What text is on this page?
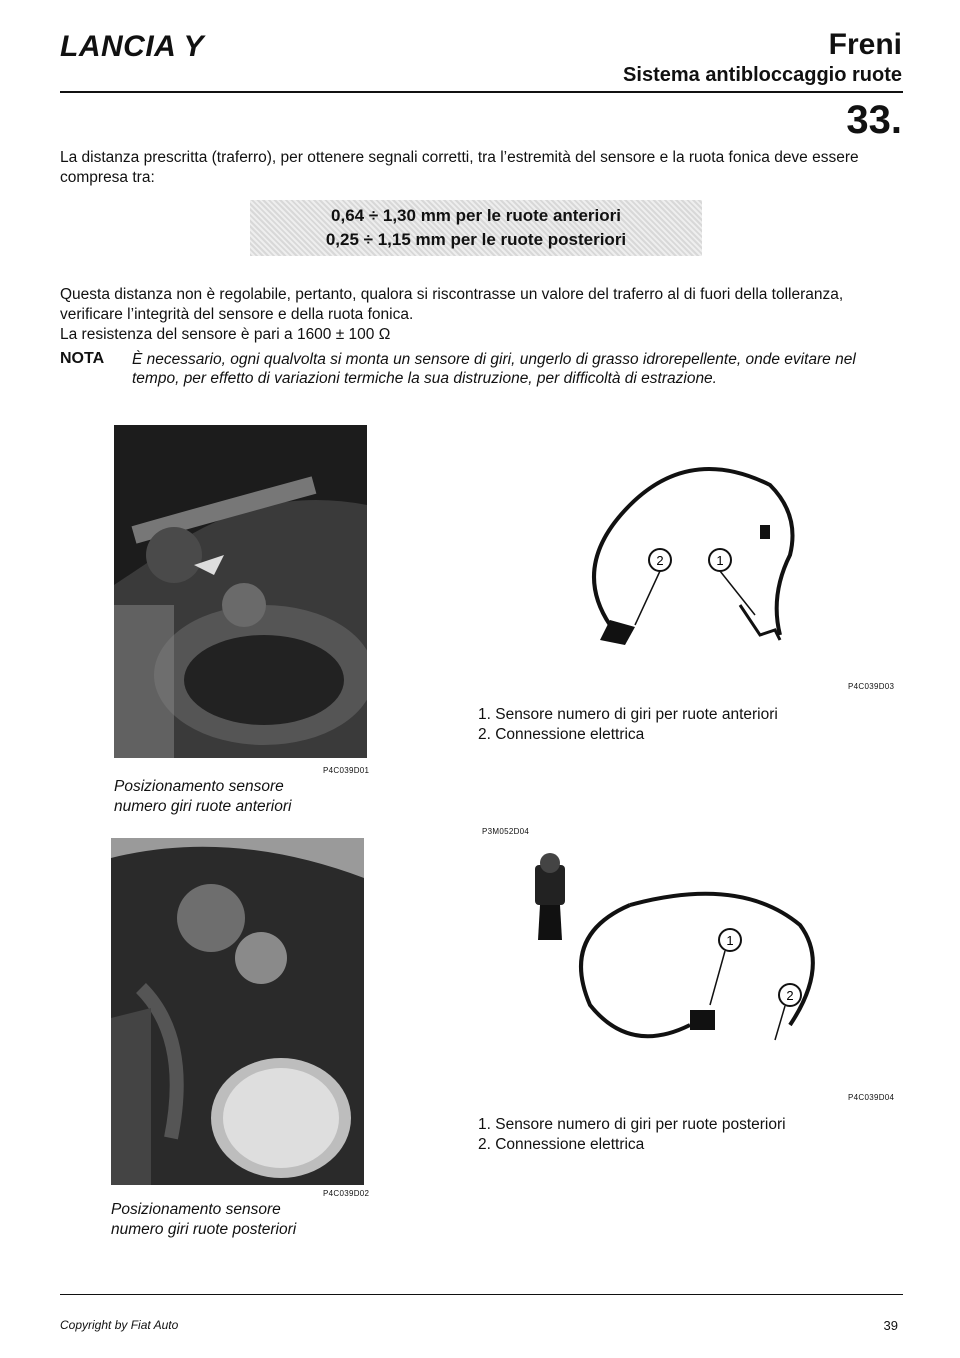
LANCIA Y	Freni
Sistema antibloccaggio ruote
33.
La distanza prescritta (traferro), per ottenere segnali corretti, tra l’estremità del sensore e la ruota fonica deve essere compresa tra:
0,64 ÷ 1,30 mm per le ruote anteriori
0,25 ÷ 1,15 mm per le ruote posteriori
Questa distanza non è regolabile, pertanto, qualora si riscontrasse un valore del traferro al di fuori della tolleranza, verificare l’integrità del sensore e della ruota fonica.
La resistenza del sensore è pari a 1600 ± 100 Ω
NOTA È necessario, ogni qualvolta si monta un sensore di giri, ungerlo di grasso idrorepellente, onde evitare nel tempo, per effetto di variazioni termiche la sua distruzione, per difficoltà di estrazione.
P4C039D01
Posizionamento sensore numero giri ruote anteriori
P4C039D02
Posizionamento sensore numero giri ruote posteriori
2	1
P4C039D03
1. Sensore numero di giri per ruote anteriori
2. Connessione elettrica
P3M052D04
1
2
P4C039D04
1. Sensore numero di giri per ruote posteriori
2. Connessione elettrica
Copyright by Fiat Auto	39
